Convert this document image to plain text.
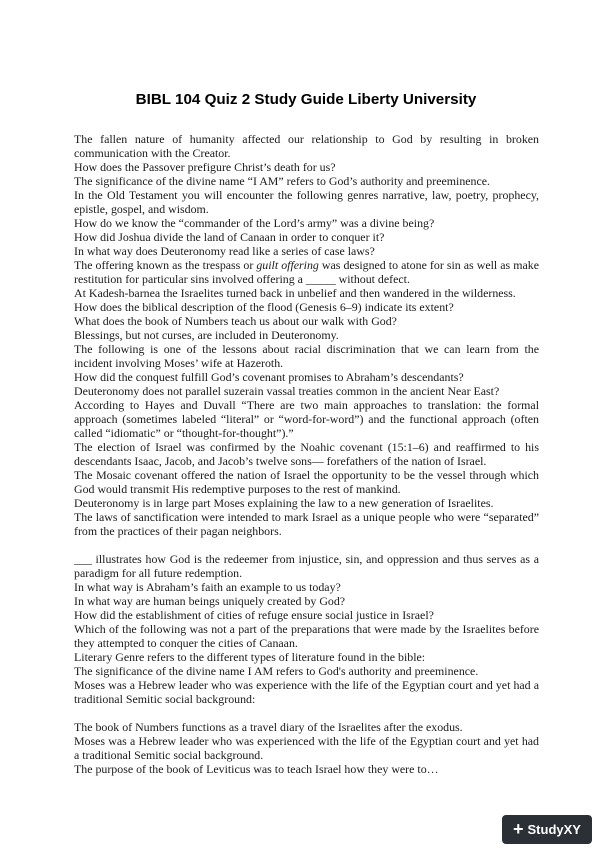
BIBL 104 Quiz 2 Study Guide Liberty University

The fallen nature of humanity affected our relationship to God by resulting in broken communication with the Creator.

How does the Passover prefigure Christ’s death for us?

The significance of the divine name “I AM” refers to God’s authority and preeminence.

In the Old Testament you will encounter the following genres narrative, law, poetry, prophecy, epistle, gospel, and wisdom.

How do we know the “commander of the Lord’s army” was a divine being?

How did Joshua divide the land of Canaan in order to conquer it?

In what way does Deuteronomy read like a series of case laws?

The offering known as the trespass or guilt offering was designed to atone for sin as well as make restitution for particular sins involved offering a _____ without defect.

At Kadesh-barnea the Israelites turned back in unbelief and then wandered in the wilderness.

How does the biblical description of the flood (Genesis 6–9) indicate its extent?

What does the book of Numbers teach us about our walk with God?

Blessings, but not curses, are included in Deuteronomy.

The following is one of the lessons about racial discrimination that we can learn from the incident involving Moses’ wife at Hazeroth.

How did the conquest fulfill God’s covenant promises to Abraham’s descendants?

Deuteronomy does not parallel suzerain vassal treaties common in the ancient Near East?

According to Hayes and Duvall “There are two main approaches to translation: the formal approach (sometimes labeled “literal” or “word-for-word”) and the functional approach (often called “idiomatic” or “thought-for-thought”).”

The election of Israel was confirmed by the Noahic covenant (15:1–6) and reaffirmed to his descendants Isaac, Jacob, and Jacob’s twelve sons— forefathers of the nation of Israel.

The Mosaic covenant offered the nation of Israel the opportunity to be the vessel through which God would transmit His redemptive purposes to the rest of mankind.

Deuteronomy is in large part Moses explaining the law to a new generation of Israelites.

The laws of sanctification were intended to mark Israel as a unique people who were “separated” from the practices of their pagan neighbors.

___ illustrates how God is the redeemer from injustice, sin, and oppression and thus serves as a paradigm for all future redemption.

In what way is Abraham’s faith an example to us today?

In what way are human beings uniquely created by God?

How did the establishment of cities of refuge ensure social justice in Israel?

Which of the following was not a part of the preparations that were made by the Israelites before they attempted to conquer the cities of Canaan.

Literary Genre refers to the different types of literature found in the bible:

The significance of the divine name I AM refers to God's authority and preeminence.

Moses was a Hebrew leader who was experience with the life of the Egyptian court and yet had a traditional Semitic social background:

The book of Numbers functions as a travel diary of the Israelites after the exodus.

Moses was a Hebrew leader who was experienced with the life of the Egyptian court and yet had a traditional Semitic social background.

The purpose of the book of Leviticus was to teach Israel how they were to…

+ StudyXY
